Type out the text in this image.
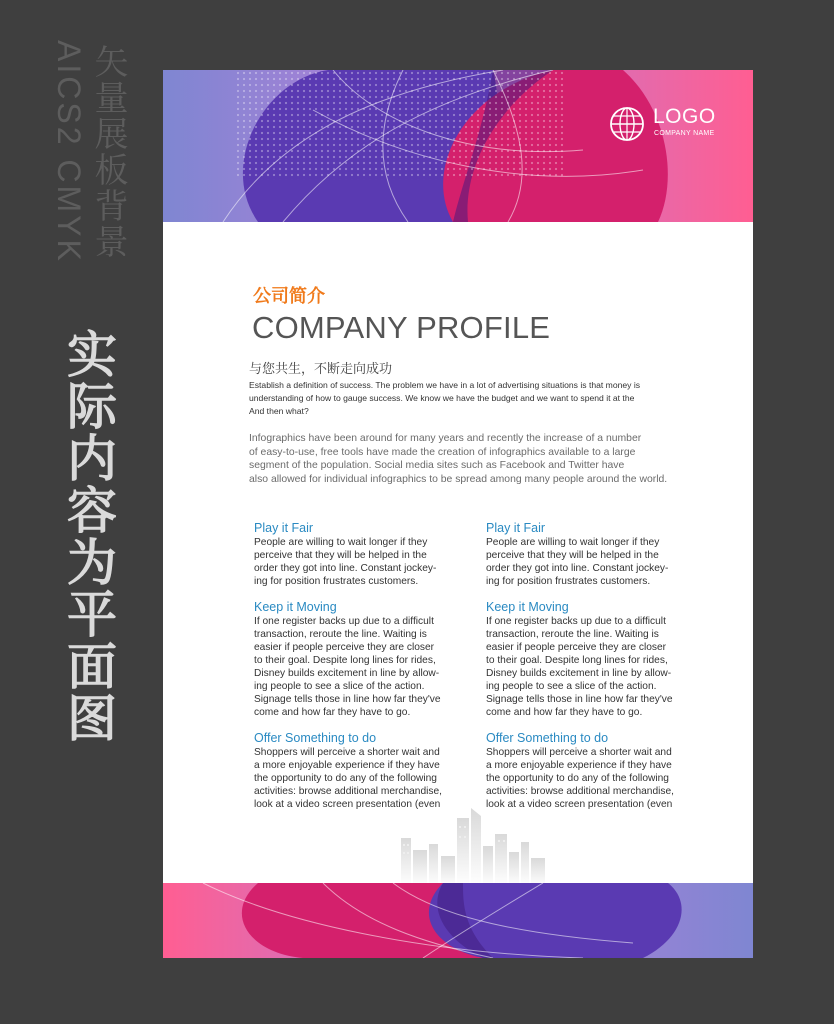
AICS2 CMYK 矢量展板背景
实际内容为平面图
LOGO
COMPANY NAME
公司简介
COMPANY PROFILE
与您共生，不断走向成功
Establish a definition of success. The problem we have in a lot of advertising situations is that money is
understanding of how to gauge success. We know we have the budget and we want to spend it at the
And then what?
Infographics have been around for many years and recently the increase of a number
of easy-to-use, free tools have made the creation of infographics available to a large
segment of the population. Social media sites such as Facebook and Twitter have
also allowed for individual infographics to be spread among many people around the world.
Play it Fair

People are willing to wait longer if they

perceive that they will be helped in the

order they got into line. Constant jockey-

ing for position frustrates customers.

Keep it Moving

If one register backs up due to a difficult

transaction, reroute the line. Waiting is

easier if people perceive they are closer

to their goal. Despite long lines for rides,

Disney builds excitement in line by allow-

ing people to see a slice of the action.

Signage tells those in line how far they've

come and how far they have to go.

Offer Something to do

Shoppers will perceive a shorter wait and

a more enjoyable experience if they have

the opportunity to do any of the following

activities: browse additional merchandise,

look at a video screen presentation (even

Play it Fair

People are willing to wait longer if they

perceive that they will be helped in the

order they got into line. Constant jockey-

ing for position frustrates customers.

Keep it Moving

If one register backs up due to a difficult

transaction, reroute the line. Waiting is

easier if people perceive they are closer

to their goal. Despite long lines for rides,

Disney builds excitement in line by allow-

ing people to see a slice of the action.

Signage tells those in line how far they've

come and how far they have to go.

Offer Something to do

Shoppers will perceive a shorter wait and

a more enjoyable experience if they have

the opportunity to do any of the following

activities: browse additional merchandise,

look at a video screen presentation (even
